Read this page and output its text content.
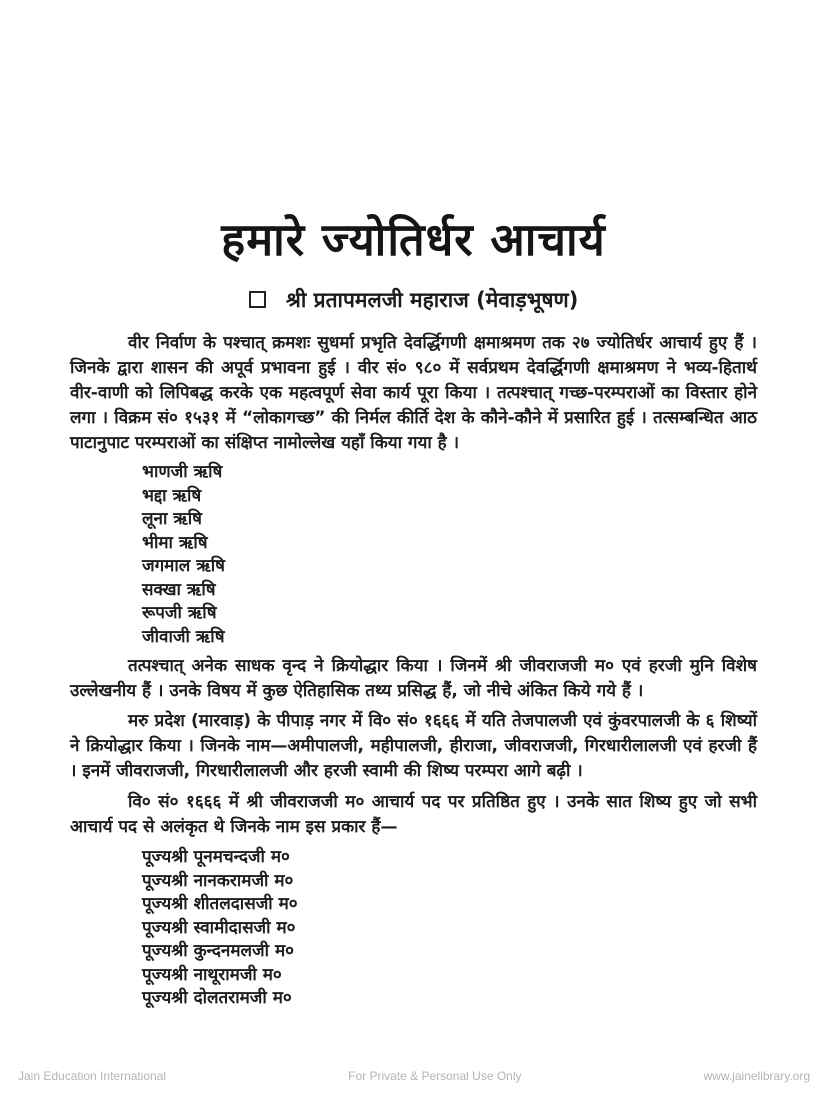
हमारे ज्योतिर्धर आचार्य
श्री प्रतापमलजी महाराज (मेवाड़भूषण)

वीर निर्वाण के पश्चात् क्रमशः सुधर्मा प्रभृति देवर्द्धिगणी क्षमाश्रमण तक २७ ज्योतिर्धर आचार्य हुए हैं । जिनके द्वारा शासन की अपूर्व प्रभावना हुई । वीर सं० ९८० में सर्वप्रथम देवर्द्धिगणी क्षमाश्रमण ने भव्य-हितार्थ वीर-वाणी को लिपिबद्ध करके एक महत्वपूर्ण सेवा कार्य पूरा किया । तत्पश्चात् गच्छ-परम्पराओं का विस्तार होने लगा । विक्रम सं० १५३१ में “लोकागच्छ” की निर्मल कीर्ति देश के कौने-कौने में प्रसारित हुई । तत्सम्बन्धित आठ पाटानुपाट परम्पराओं का संक्षिप्त नामोल्लेख यहाँ किया गया है ।

भाणजी ऋषि
भद्दा ऋषि
लूना ऋषि
भीमा ऋषि
जगमाल ऋषि
सक्खा ऋषि
रूपजी ऋषि
जीवाजी ऋषि

तत्पश्चात् अनेक साधक वृन्द ने क्रियोद्धार किया । जिनमें श्री जीवराजजी म० एवं हरजी मुनि विशेष उल्लेखनीय हैं । उनके विषय में कुछ ऐतिहासिक तथ्य प्रसिद्ध हैं, जो नीचे अंकित किये गये हैं ।

मरु प्रदेश (मारवाड़) के पीपाड़ नगर में वि० सं० १६६६ में यति तेजपालजी एवं कुंवरपालजी के ६ शिष्यों ने क्रियोद्धार किया । जिनके नाम—अमीपालजी, महीपालजी, हीराजा, जीवराजजी, गिरधारीलालजी एवं हरजी हैं । इनमें जीवराजजी, गिरधारीलालजी और हरजी स्वामी की शिष्य परम्परा आगे बढ़ी ।

वि० सं० १६६६ में श्री जीवराजजी म० आचार्य पद पर प्रतिष्ठित हुए । उनके सात शिष्य हुए जो सभी आचार्य पद से अलंकृत थे जिनके नाम इस प्रकार हैं—

पूज्यश्री पूनमचन्दजी म०
पूज्यश्री नानकरामजी म०
पूज्यश्री शीतलदासजी म०
पूज्यश्री स्वामीदासजी म०
पूज्यश्री कुन्दनमलजी म०
पूज्यश्री नाथूरामजी म०
पूज्यश्री दोलतरामजी म०
Jain Education International	For Private & Personal Use Only	www.jainelibrary.org
